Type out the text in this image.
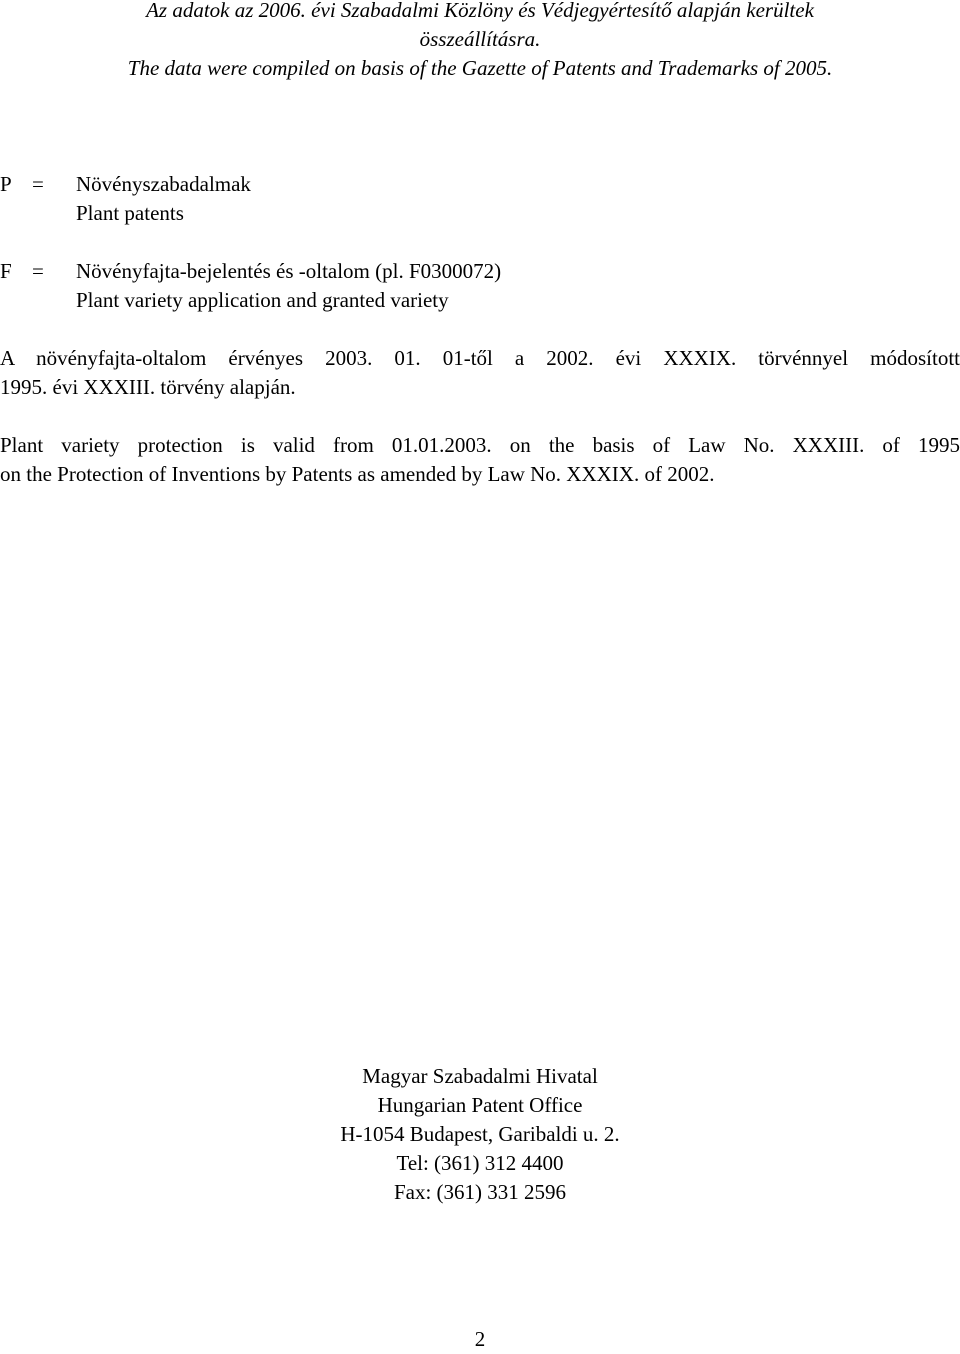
Az adatok az 2006. évi Szabadalmi Közlöny és Védjegyértesítő alapján kerültek
összeállításra.
The data were compiled on basis of the Gazette of Patents and Trademarks of 2005.
P = Növényszabadalmak
Plant patents
F = Növényfajta-bejelentés és -oltalom (pl. F0300072)
Plant variety application and granted variety
A növényfajta-oltalom érvényes 2003. 01. 01-től a 2002. évi XXXIX. törvénnyel módosított
1995. évi XXXIII. törvény alapján.
Plant variety protection is valid from 01.01.2003. on the basis of Law No. XXXIII. of 1995
on the Protection of Inventions by Patents as amended by Law No. XXXIX. of 2002.
Magyar Szabadalmi Hivatal
Hungarian Patent Office
H-1054 Budapest, Garibaldi u. 2.
Tel: (361) 312 4400
Fax: (361) 331 2596
2
